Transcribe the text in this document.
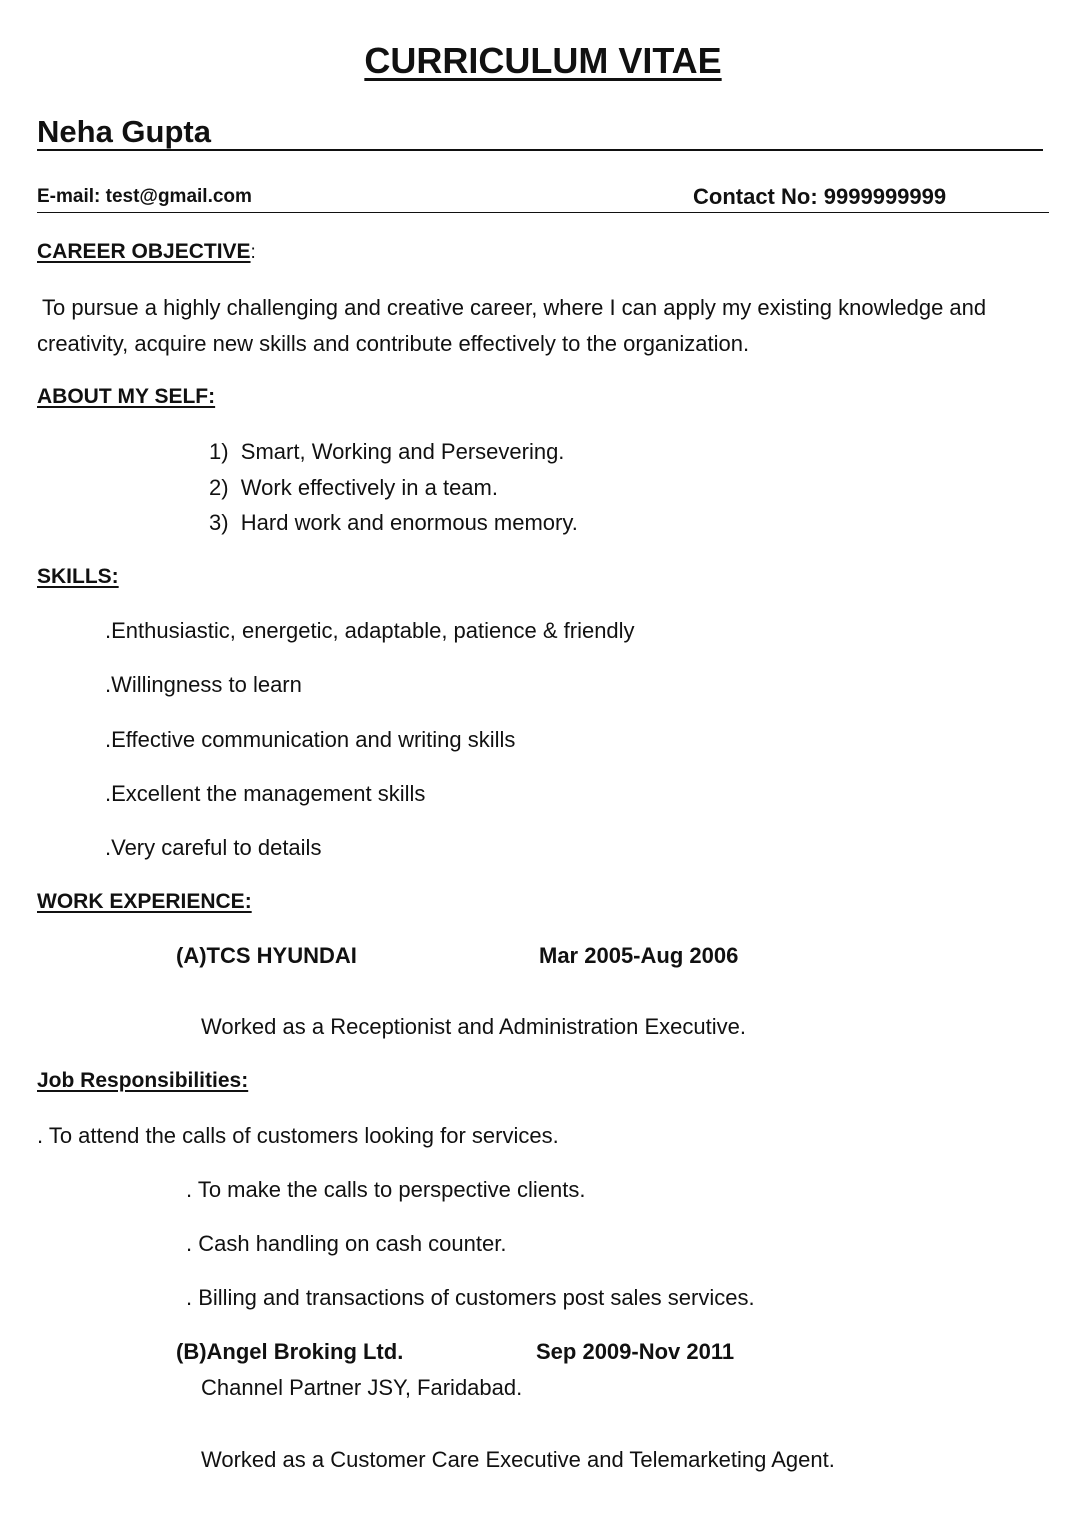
CURRICULUM VITAE
Neha Gupta
E-mail: test@gmail.com	Contact No: 9999999999
CAREER OBJECTIVE:
To pursue a highly challenging and creative career, where I can apply my existing knowledge and creativity, acquire new skills and contribute effectively to the organization.
ABOUT MY SELF:
1) Smart, Working and Persevering.
2) Work effectively in a team.
3) Hard work and enormous memory.
SKILLS:
.Enthusiastic, energetic, adaptable, patience & friendly
.Willingness to learn
.Effective communication and writing skills
.Excellent the management skills
.Very careful to details
WORK EXPERIENCE:
(A)TCS HYUNDAI	Mar 2005-Aug 2006
Worked as a Receptionist and Administration Executive.
Job Responsibilities:
. To attend the calls of customers looking for services.
. To make the calls to perspective clients.
. Cash handling on cash counter.
. Billing and transactions of customers post sales services.
(B)Angel Broking Ltd.	Sep 2009-Nov 2011
Channel Partner JSY, Faridabad.
Worked as a Customer Care Executive and Telemarketing Agent.
